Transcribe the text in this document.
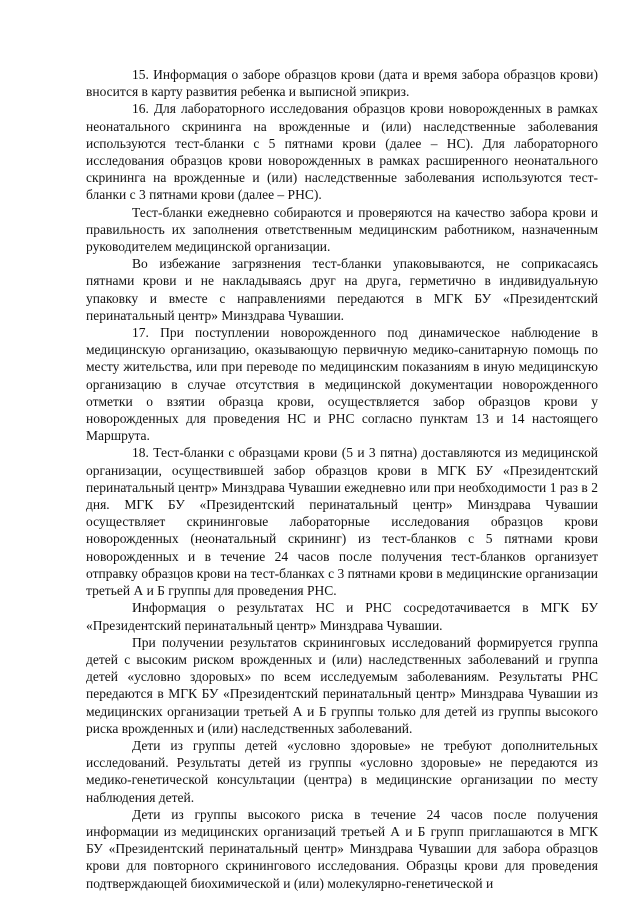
15. Информация о заборе образцов крови (дата и время забора образцов крови) вносится в карту развития ребенка и выписной эпикриз.

16. Для лабораторного исследования образцов крови новорожденных в рамках неонатального скрининга на врожденные и (или) наследственные заболевания используются тест-бланки с 5 пятнами крови (далее – НС). Для лабораторного исследования образцов крови новорожденных в рамках расширенного неонатального скрининга на врожденные и (или) наследственные заболевания используются тест-бланки с 3 пятнами крови (далее – РНС).

Тест-бланки ежедневно собираются и проверяются на качество забора крови и правильность их заполнения ответственным медицинским работником, назначенным руководителем медицинской организации.

Во избежание загрязнения тест-бланки упаковываются, не соприкасаясь пятнами крови и не накладываясь друг на друга, герметично в индивидуальную упаковку и вместе с направлениями передаются в МГК БУ «Президентский перинатальный центр» Минздрава Чувашии.

17. При поступлении новорожденного под динамическое наблюдение в медицинскую организацию, оказывающую первичную медико-санитарную помощь по месту жительства, или при переводе по медицинским показаниям в иную медицинскую организацию в случае отсутствия в медицинской документации новорожденного отметки о взятии образца крови, осуществляется забор образцов крови у новорожденных для проведения НС и РНС согласно пунктам 13 и 14 настоящего Маршрута.

18. Тест-бланки с образцами крови (5 и 3 пятна) доставляются из медицинской организации, осуществившей забор образцов крови в МГК БУ «Президентский перинатальный центр» Минздрава Чувашии ежедневно или при необходимости 1 раз в 2 дня. МГК БУ «Президентский перинатальный центр» Минздрава Чувашии осуществляет скрининговые лабораторные исследования образцов крови новорожденных (неонатальный скрининг) из тест-бланков с 5 пятнами крови новорожденных и в течение 24 часов после получения тест-бланков организует отправку образцов крови на тест-бланках с 3 пятнами крови в медицинские организации третьей А и Б группы для проведения РНС.

Информация о результатах НС и РНС сосредотачивается в МГК БУ «Президентский перинатальный центр» Минздрава Чувашии.

При получении результатов скрининговых исследований формируется группа детей с высоким риском врожденных и (или) наследственных заболеваний и группа детей «условно здоровых» по всем исследуемым заболеваниям. Результаты РНС передаются в МГК БУ «Президентский перинатальный центр» Минздрава Чувашии из медицинских организации третьей А и Б группы только для детей из группы высокого риска врожденных и (или) наследственных заболеваний.

Дети из группы детей «условно здоровые» не требуют дополнительных исследований. Результаты детей из группы «условно здоровые» не передаются из медико-генетической консультации (центра) в медицинские организации по месту наблюдения детей.

Дети из группы высокого риска в течение 24 часов после получения информации из медицинских организаций третьей А и Б групп приглашаются в МГК БУ «Президентский перинатальный центр» Минздрава Чувашии для забора образцов крови для повторного скринингового исследования. Образцы крови для проведения подтверждающей биохимической и (или) молекулярно-генетической и
